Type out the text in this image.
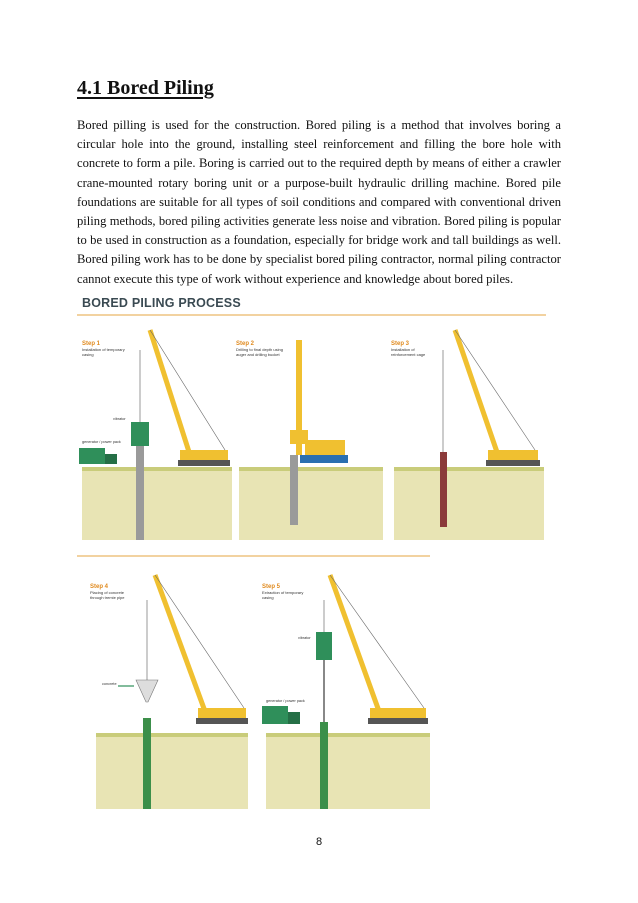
4.1 Bored Piling
Bored pilling is used for the construction. Bored piling is a method that involves boring a circular hole into the ground, installing steel reinforcement and filling the bore hole with concrete to form a pile. Boring is carried out to the required depth by means of either a crawler crane-mounted rotary boring unit or a purpose-built hydraulic drilling machine. Bored pile foundations are suitable for all types of soil conditions and compared with conventional driven piling methods, bored piling activities generate less noise and vibration. Bored piling is popular to be used in construction as a foundation, especially for bridge work and tall buildings as well. Bored piling work has to be done by specialist bored piling contractor, normal piling contractor cannot execute this type of work without experience and knowledge about bored piles.
BORED PILING PROCESS
Step 1
Installation of temporary casing
Step 2
Drilling to final depth using auger and drilling bucket
Step 3
Installation of reinforcement cage
Step 4
Placing of concrete through tremie pipe
Step 5
Extraction of temporary casing
vibrator
generator / power pack
concrete
vibrator
generator / power pack
8
